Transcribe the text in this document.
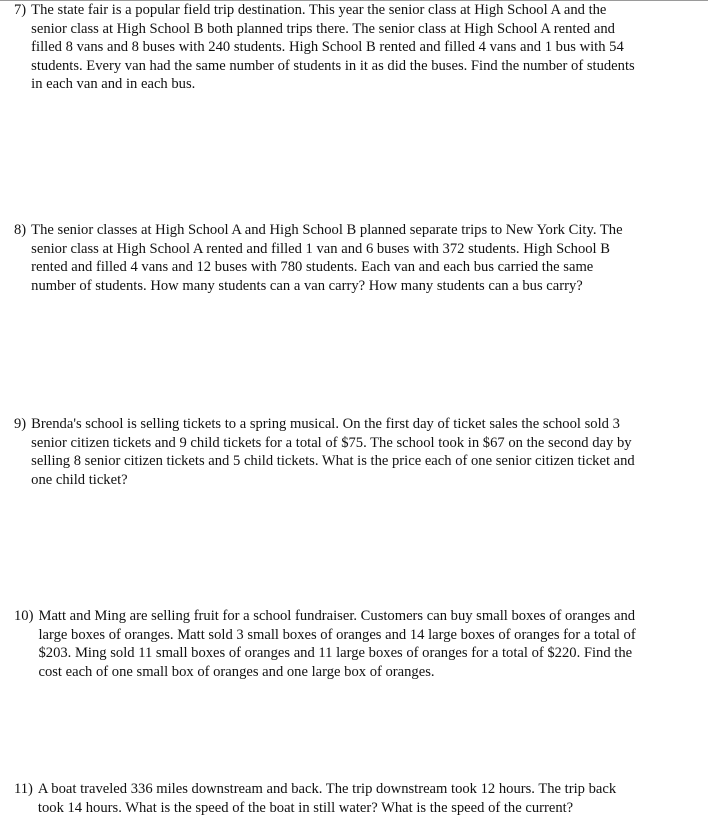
7) The state fair is a popular field trip destination. This year the senior class at High School A and the
senior class at High School B both planned trips there. The senior class at High School A rented and
filled 8 vans and 8 buses with 240 students. High School B rented and filled 4 vans and 1 bus with 54
students. Every van had the same number of students in it as did the buses. Find the number of students
in each van and in each bus.
8) The senior classes at High School A and High School B planned separate trips to New York City. The
senior class at High School A rented and filled 1 van and 6 buses with 372 students. High School B
rented and filled 4 vans and 12 buses with 780 students. Each van and each bus carried the same
number of students. How many students can a van carry? How many students can a bus carry?
9) Brenda's school is selling tickets to a spring musical. On the first day of ticket sales the school sold 3
senior citizen tickets and 9 child tickets for a total of $75. The school took in $67 on the second day by
selling 8 senior citizen tickets and 5 child tickets. What is the price each of one senior citizen ticket and
one child ticket?
10) Matt and Ming are selling fruit for a school fundraiser. Customers can buy small boxes of oranges and
large boxes of oranges. Matt sold 3 small boxes of oranges and 14 large boxes of oranges for a total of
$203. Ming sold 11 small boxes of oranges and 11 large boxes of oranges for a total of $220. Find the
cost each of one small box of oranges and one large box of oranges.
11) A boat traveled 336 miles downstream and back. The trip downstream took 12 hours. The trip back
took 14 hours. What is the speed of the boat in still water? What is the speed of the current?
